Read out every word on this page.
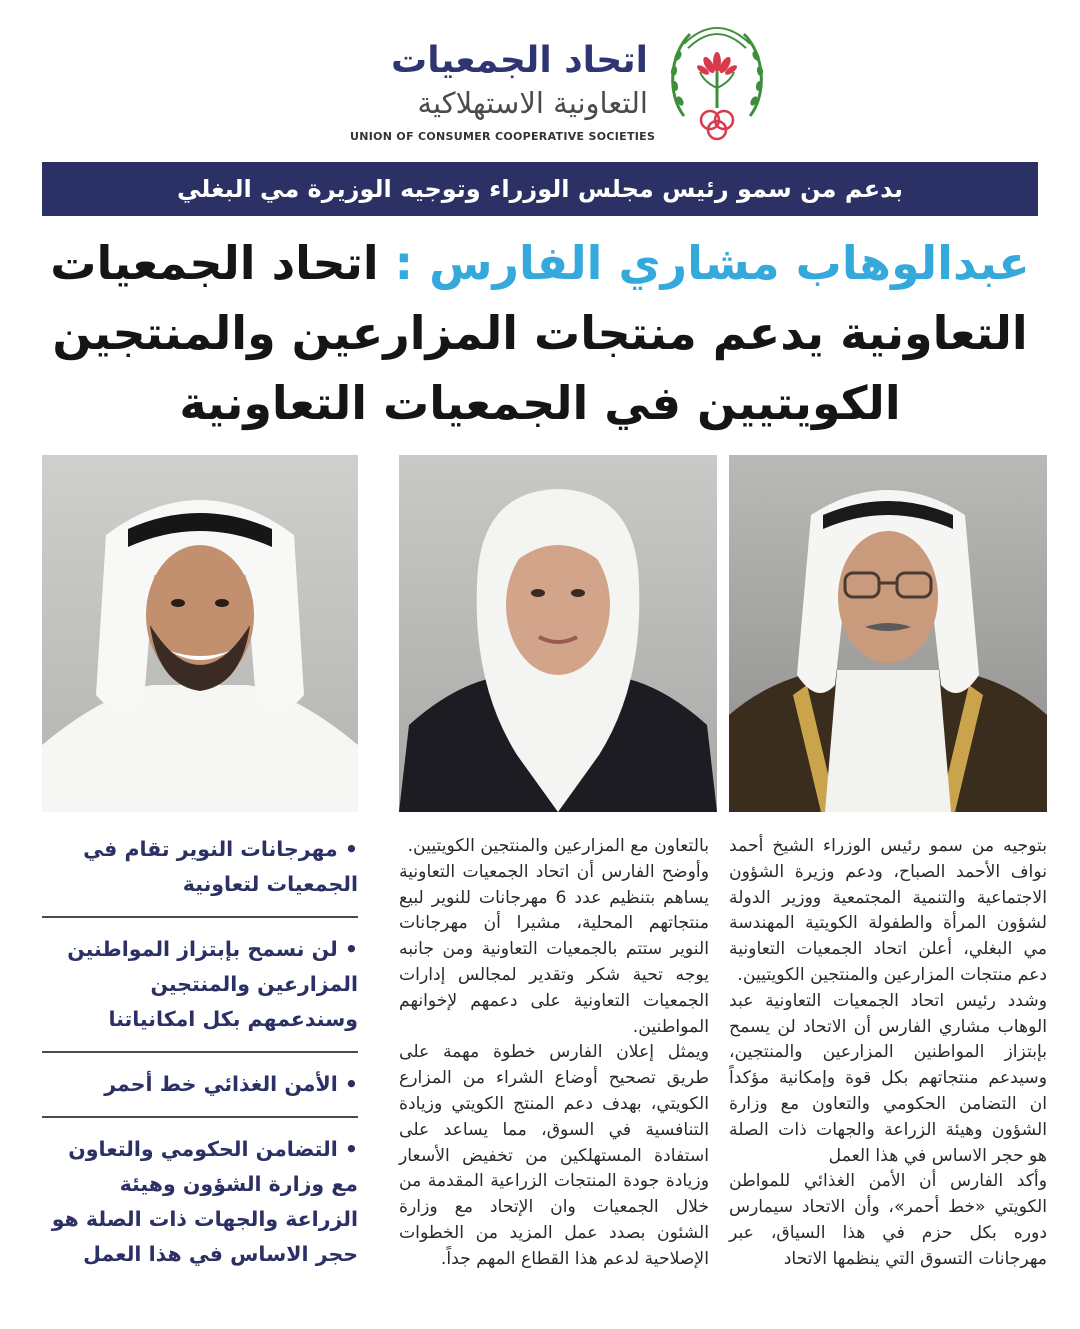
اتحاد الجمعيات
التعاونية الاستهلاكية
UNION OF CONSUMER COOPERATIVE SOCIETIES
بدعم من سمو رئيس مجلس الوزراء وتوجيه الوزيرة مي البغلي
عبدالوهاب مشاري الفارس : اتحاد الجمعيات
التعاونية يدعم منتجات المزارعين والمنتجين
الكويتيين في الجمعيات التعاونية

بتوجيه من سمو رئيس الوزراء الشيخ أحمد نواف الأحمد الصباح، ودعم وزيرة الشؤون الاجتماعية والتنمية المجتمعية ووزير الدولة لشؤون المرأة والطفولة الكويتية المهندسة مي البغلي، أعلن اتحاد الجمعيات التعاونية دعم منتجات المزارعين والمنتجين الكويتيين.

وشدد رئيس اتحاد الجمعيات التعاونية عبد الوهاب مشاري الفارس أن الاتحاد لن يسمح بإبتزاز المواطنين المزارعين والمنتجين، وسيدعم منتجاتهم بكل قوة وإمكانية مؤكداً ان التضامن الحكومي والتعاون مع وزارة الشؤون وهيئة الزراعة والجهات ذات الصلة هو حجر الاساس في هذا العمل

وأكد الفارس أن الأمن الغذائي للمواطن الكويتي «خط أحمر»، وأن الاتحاد سيمارس دوره بكل حزم في هذا السياق، عبر مهرجانات التسوق التي ينظمها الاتحاد

بالتعاون مع المزارعين والمنتجين الكويتيين.

وأوضح الفارس أن اتحاد الجمعيات التعاونية يساهم بتنظيم عدد 6 مهرجانات للنوير لبيع منتجاتهم المحلية، مشيرا أن مهرجانات النوير ستتم بالجمعيات التعاونية ومن جانبه يوجه تحية شكر وتقدير لمجالس إدارات الجمعيات التعاونية على دعمهم لإخوانهم المواطنين.

ويمثل إعلان الفارس خطوة مهمة على طريق تصحيح أوضاع الشراء من المزارع الكويتي، بهدف دعم المنتج الكويتي وزيادة التنافسية في السوق، مما يساعد على استفادة المستهلكين من تخفيض الأسعار وزيادة جودة المنتجات الزراعية المقدمة من خلال الجمعيات وان الإتحاد مع وزارة الشئون بصدد عمل المزيد من الخطوات الإصلاحية لدعم هذا القطاع المهم جداً.

• مهرجانات النوير تقام في الجمعيات لتعاونية
• لن نسمح بإبتزاز المواطنين المزارعين والمنتجين وسندعمهم بكل امكانياتنا
• الأمن الغذائي خط أحمر
• التضامن الحكومي والتعاون مع وزارة الشؤون وهيئة الزراعة والجهات ذات الصلة هو حجر الاساس في هذا العمل
